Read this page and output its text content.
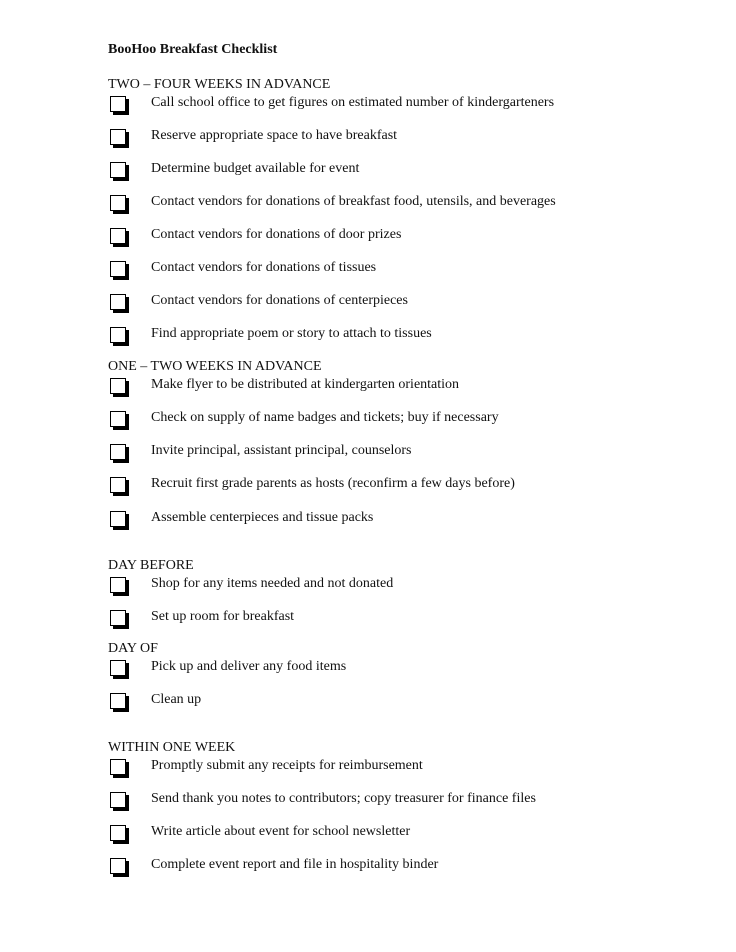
BooHoo Breakfast Checklist
TWO – FOUR WEEKS IN ADVANCE
Call school office to get figures on estimated number of kindergarteners
Reserve appropriate space to have breakfast
Determine budget available for event
Contact vendors for donations of breakfast food, utensils, and beverages
Contact vendors for donations of door prizes
Contact vendors for donations of tissues
Contact vendors for donations of centerpieces
Find appropriate poem or story to attach to tissues
ONE – TWO WEEKS IN ADVANCE
Make flyer to be distributed at kindergarten orientation
Check on supply of name badges and tickets; buy if necessary
Invite principal, assistant principal, counselors
Recruit first grade parents as hosts (reconfirm a few days before)
Assemble centerpieces and tissue packs
DAY BEFORE
Shop for any items needed and not donated
Set up room for breakfast
DAY OF
Pick up and deliver any food items
Clean up
WITHIN ONE WEEK
Promptly submit any receipts for reimbursement
Send thank you notes to contributors; copy treasurer for finance files
Write article about event for school newsletter
Complete event report and file in hospitality binder
